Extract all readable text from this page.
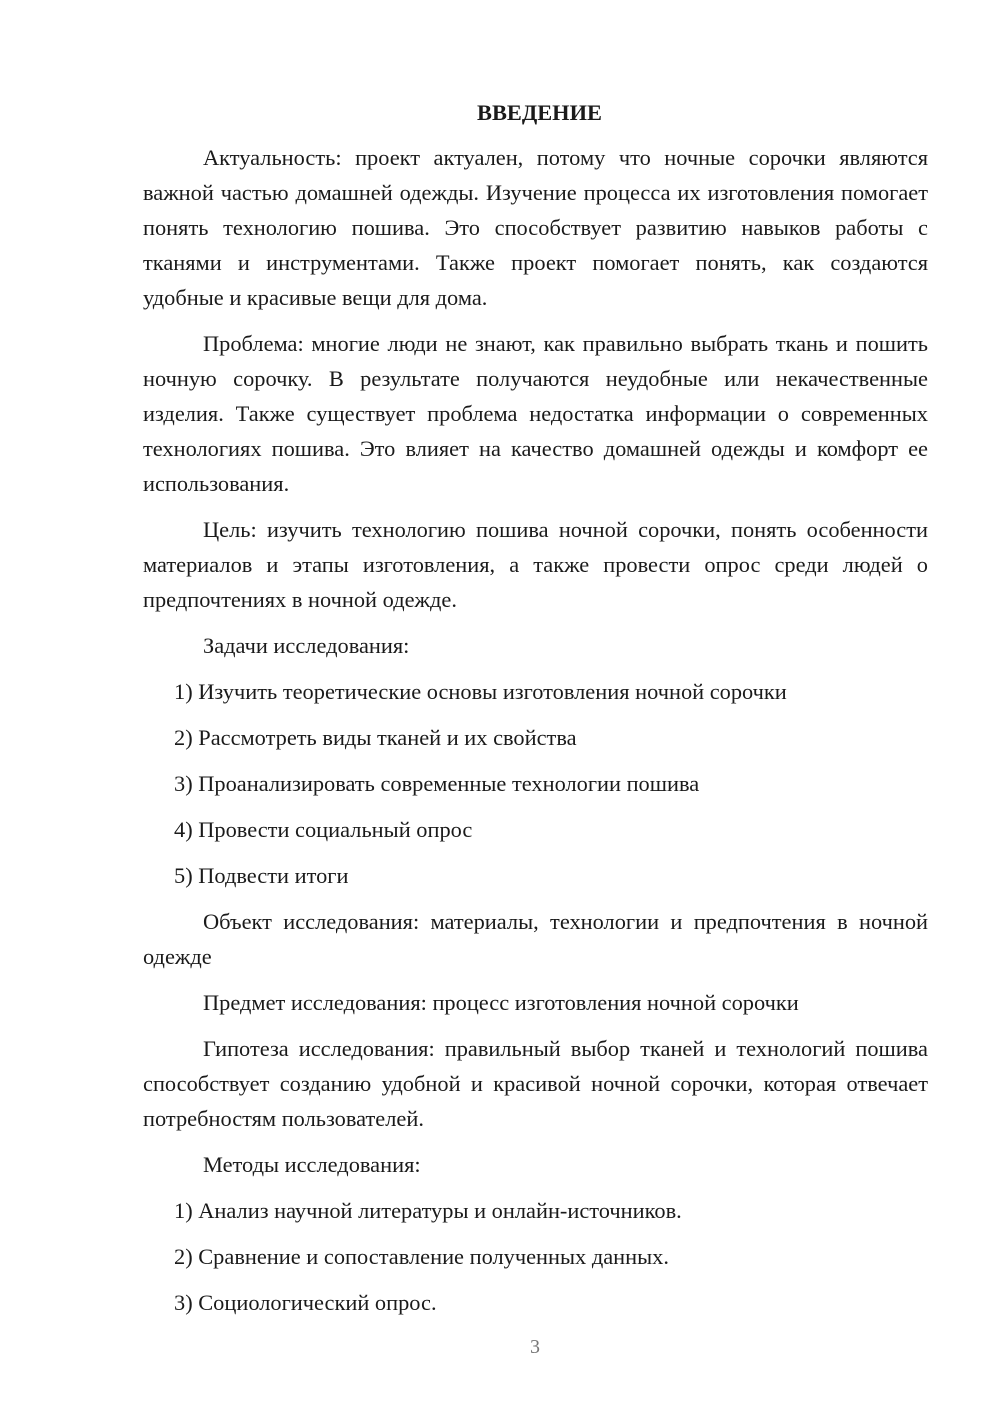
ВВЕДЕНИЕ

Актуальность: проект актуален, потому что ночные сорочки являются важной частью домашней одежды. Изучение процесса их изготовления помогает понять технологию пошива. Это способствует развитию навыков работы с тканями и инструментами. Также проект помогает понять, как создаются удобные и красивые вещи для дома.

Проблема: многие люди не знают, как правильно выбрать ткань и пошить ночную сорочку. В результате получаются неудобные или некачественные изделия. Также существует проблема недостатка информации о современных технологиях пошива. Это влияет на качество домашней одежды и комфорт ее использования.

Цель: изучить технологию пошива ночной сорочки, понять особенности материалов и этапы изготовления, а также провести опрос среди людей о предпочтениях в ночной одежде.

Задачи исследования:

1) Изучить теоретические основы изготовления ночной сорочки

2) Рассмотреть виды тканей и их свойства

3) Проанализировать современные технологии пошива

4) Провести социальный опрос

5) Подвести итоги

Объект исследования: материалы, технологии и предпочтения в ночной одежде

Предмет исследования: процесс изготовления ночной сорочки

Гипотеза исследования: правильный выбор тканей и технологий пошива способствует созданию удобной и красивой ночной сорочки, которая отвечает потребностям пользователей.

Методы исследования:

1) Анализ научной литературы и онлайн-источников.

2) Сравнение и сопоставление полученных данных.

3) Социологический опрос.

3
